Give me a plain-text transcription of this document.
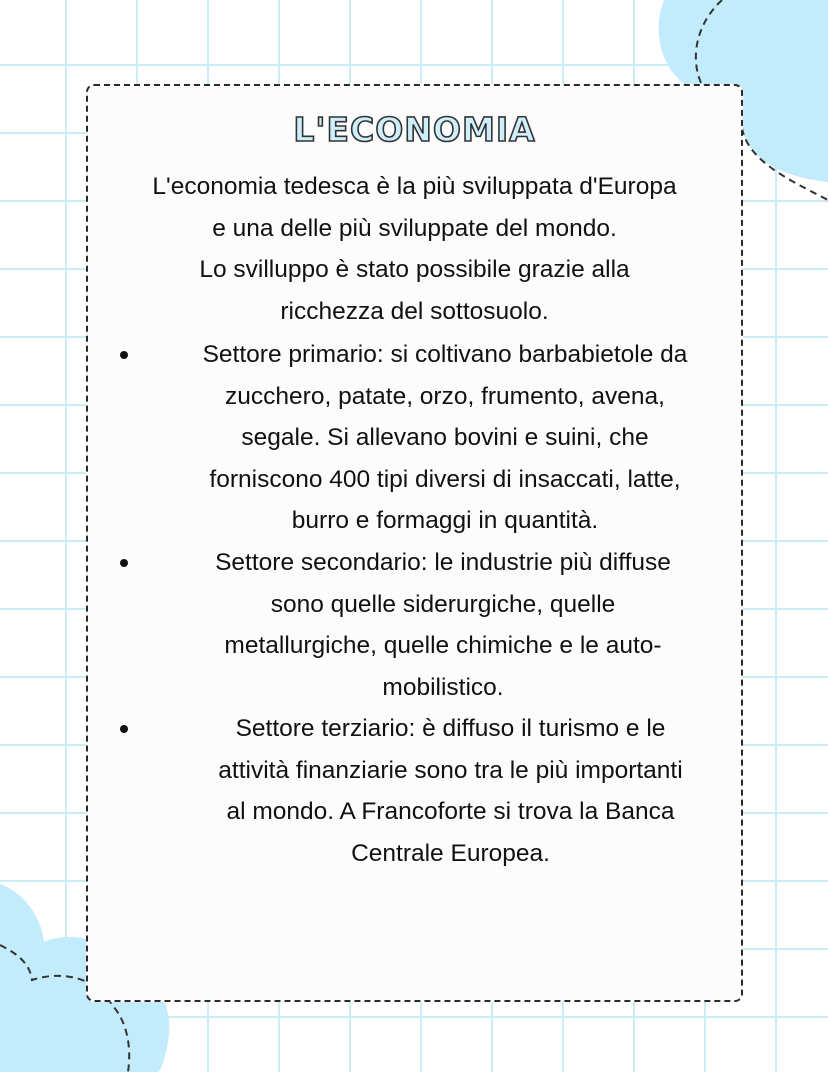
L'ECONOMIA

L'economia tedesca è la più sviluppata d'Europa
e una delle più sviluppate del mondo.
Lo svilluppo è stato possibile grazie alla
ricchezza del sottosuolo.

Settore primario: si coltivano barbabietole da
zucchero, patate, orzo, frumento, avena,
segale. Si allevano bovini e suini, che
forniscono 400 tipi diversi di insaccati, latte,
burro e formaggi in quantità.
Settore secondario: le industrie più diffuse
sono quelle siderurgiche, quelle
metallurgiche, quelle chimiche e le auto-
mobilistico.
Settore terziario: è diffuso il turismo e le
attività finanziarie sono tra le più importanti
al mondo. A Francoforte si trova la Banca
Centrale Europea.
